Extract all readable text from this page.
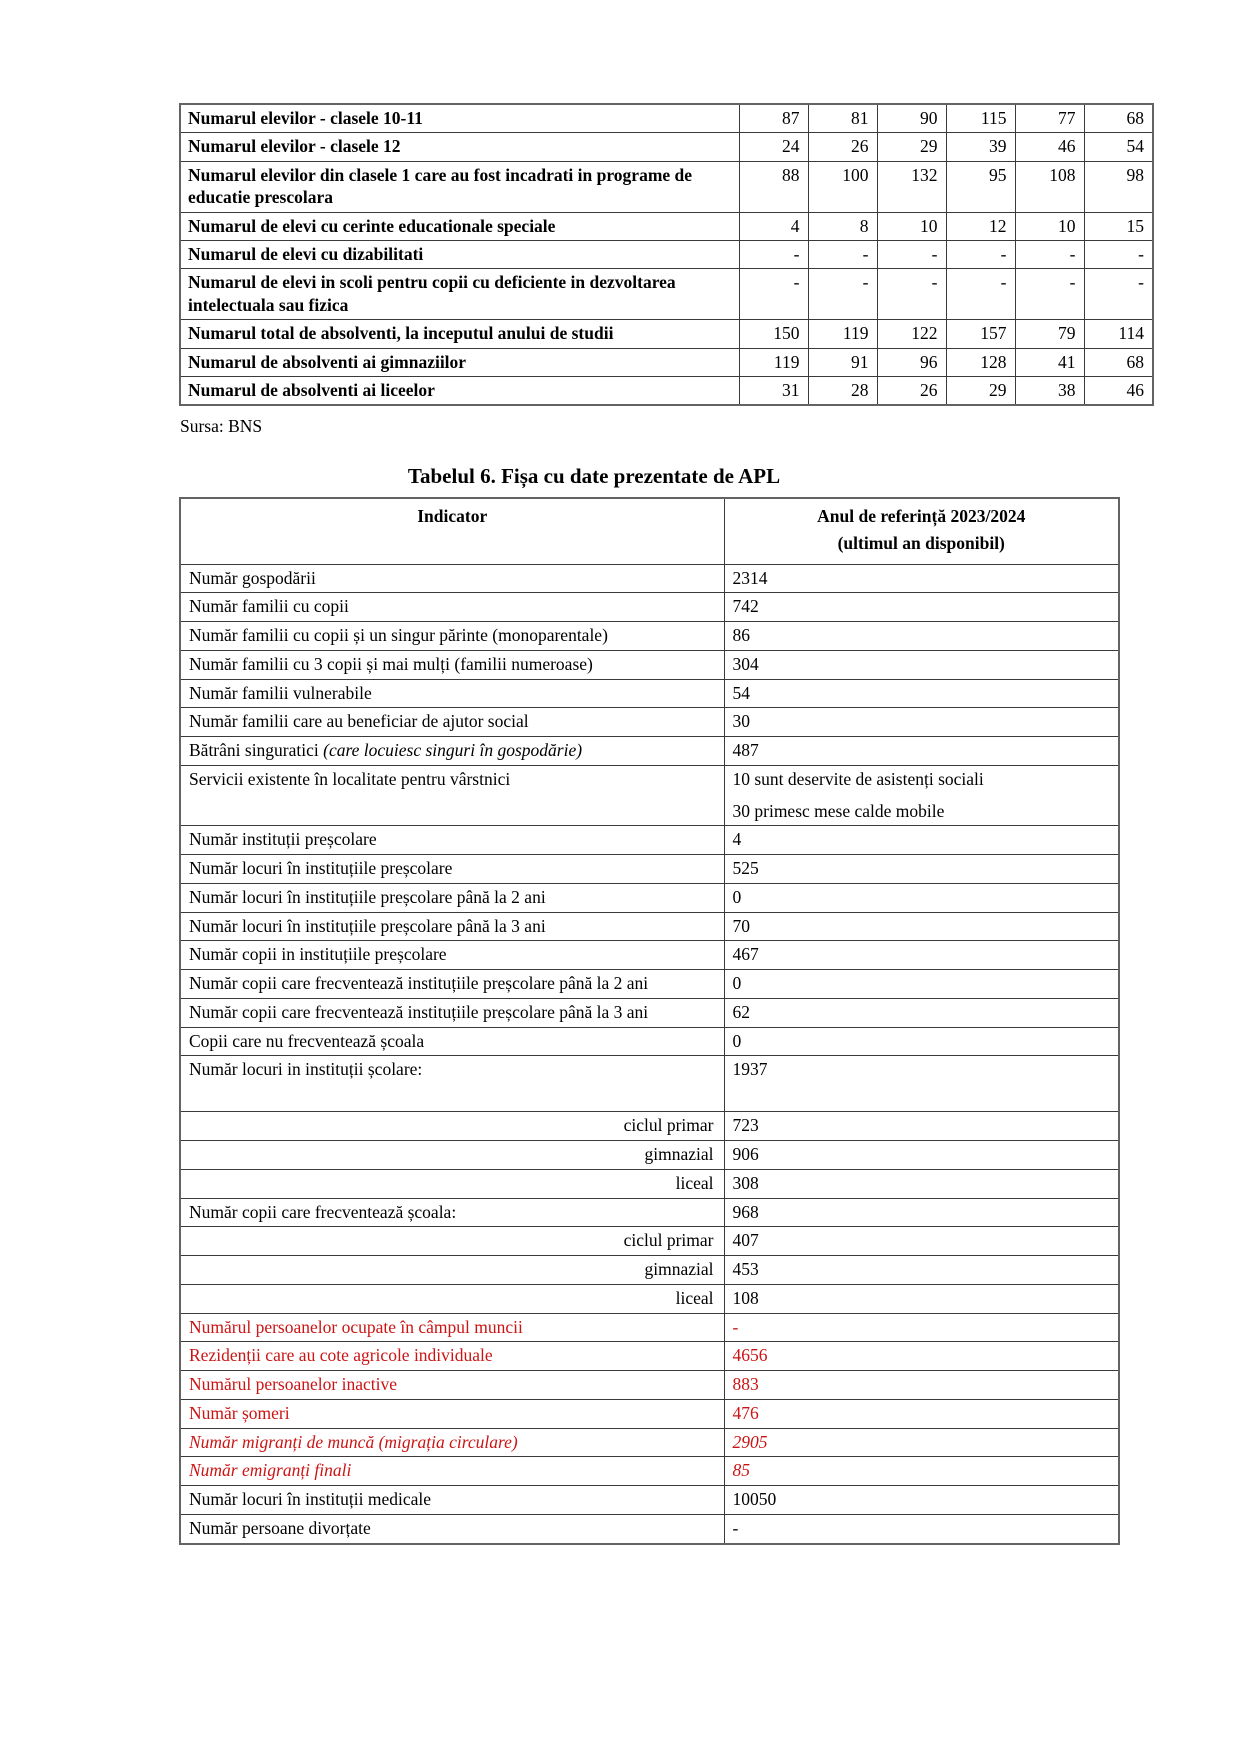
Numarul elevilor - clasele 10-11	87	81	90	115	77	68
Numarul elevilor - clasele 12	24	26	29	39	46	54
Numarul elevilor din clasele 1 care au fost incadrati in programe de educatie prescolara	88	100	132	95	108	98
Numarul de elevi cu cerinte educationale speciale	4	8	10	12	10	15
Numarul de elevi cu dizabilitati	-	-	-	-	-	-
Numarul de elevi in scoli pentru copii cu deficiente in dezvoltarea intelectuala sau fizica	-	-	-	-	-	-
Numarul total de absolventi, la inceputul anului de studii	150	119	122	157	79	114
Numarul de absolventi ai gimnaziilor	119	91	96	128	41	68
Numarul de absolventi ai liceelor	31	28	26	29	38	46

Sursa: BNS

Tabelul 6. Fișa cu date prezentate de APL
Indicator	Anul de referință 2023/2024
(ultimul an disponibil)

Număr gospodării	2314

Număr familii cu copii	742

Număr familii cu copii și un singur părinte (monoparentale)	86

Număr familii cu 3 copii și mai mulți (familii numeroase)	304

Număr familii vulnerabile	54

Număr familii care au beneficiar de ajutor social	30

Bătrâni singuratici (care locuiesc singuri în gospodărie)	487

Servicii existente în localitate pentru vârstnici	10 sunt deservite de asistenți sociali
30 primesc mese calde mobile

Număr instituții preșcolare	4

Număr locuri în instituțiile preșcolare	525

Număr locuri în instituțiile preșcolare până la 2 ani	0

Număr locuri în instituțiile preșcolare până la 3 ani	70

Număr copii in instituțiile preșcolare	467

Număr copii care frecventează instituțiile preșcolare până la 2 ani	0

Număr copii care frecventează instituțiile preșcolare până la 3 ani	62

Copii care nu frecventează școala	0

Număr locuri in instituții școlare:	1937

ciclul primar	723

gimnazial	906

liceal	308

Număr copii care frecventează școala:	968

ciclul primar	407

gimnazial	453

liceal	108

Numărul persoanelor ocupate în câmpul muncii	-

Rezidenții care au cote agricole individuale	4656

Numărul persoanelor inactive	883

Număr șomeri	476

Număr migranți de muncă (migrația circulare)	2905

Număr emigranți finali	85

Număr locuri în instituții medicale	10050

Număr persoane divorțate	-
